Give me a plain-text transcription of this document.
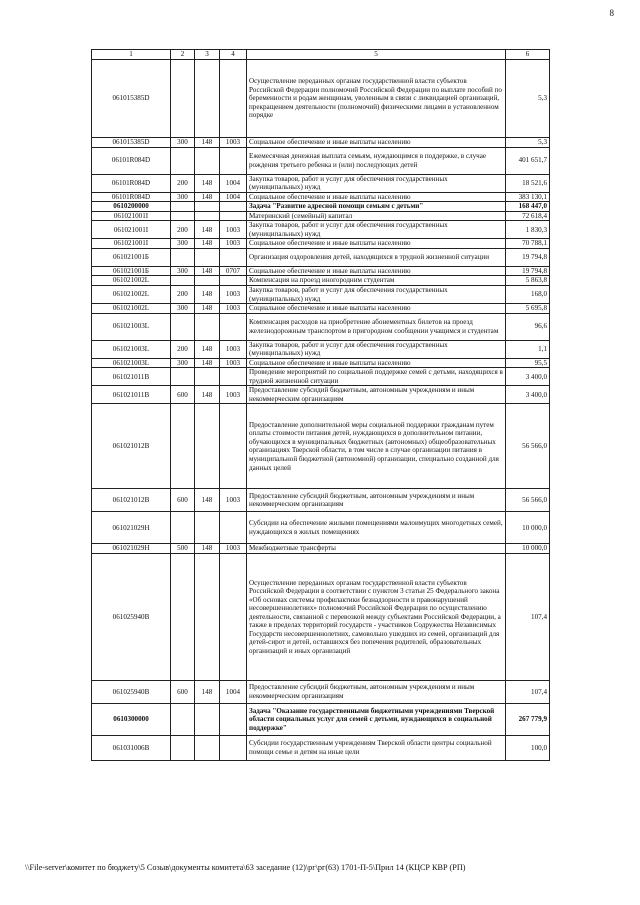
8
1	2	3	4	5	6
061015385D				Осуществление переданных органам государственной власти субъектов Российской Федерации полномочий Российской Федерации по выплате пособий по беременности и родам женщинам, уволенным в связи с ликвидацией организаций, прекращением деятельности (полномочий) физическими лицами в установленном порядке	5,3
061015385D	300	148	1003	Социальное обеспечение и иные выплаты населению	5,3
06101R084D				Ежемесячная денежная выплата семьям, нуждающимся в поддержке, в случае рождения третьего ребенка и (или) последующих детей	401 651,7
06101R084D	200	148	1004	Закупка товаров, работ и услуг для обеспечения государственных (муниципальных) нужд	18 521,6
06101R084D	300	148	1004	Социальное обеспечение и иные выплаты населению	383 130,1
0610200000				Задача "Развитие адресной помощи семьям с детьми"	168 447,0
061021001I				Материнский (семейный) капитал	72 618,4
061021001I	200	148	1003	Закупка товаров, работ и услуг для обеспечения государственных (муниципальных) нужд	1 830,3
061021001I	300	148	1003	Социальное обеспечение и иные выплаты населению	70 788,1
061021001Б				Организация оздоровления детей, находящихся в трудной жизненной ситуации	19 794,8
061021001Б	300	148	0707	Социальное обеспечение и иные выплаты населению	19 794,8
061021002L				Компенсация на проезд иногородним студентам	5 863,8
061021002L	200	148	1003	Закупка товаров, работ и услуг для обеспечения государственных (муниципальных) нужд	168,0
061021002L	300	148	1003	Социальное обеспечение и иные выплаты населению	5 695,8
061021003L				Компенсация расходов на приобретение абонементных билетов на проезд железнодорожным транспортом в пригородном сообщении учащимся и студентам	96,6
061021003L	200	148	1003	Закупка товаров, работ и услуг для обеспечения государственных (муниципальных) нужд	1,1
061021003L	300	148	1003	Социальное обеспечение и иные выплаты населению	95,5
061021011B				Проведение мероприятий по социальной поддержке семей с детьми, находящихся в трудной жизненной ситуации	3 400,0
061021011B	600	148	1003	Предоставление субсидий бюджетным, автономным учреждениям и иным некоммерческим организациям	3 400,0
061021012B				Предоставление дополнительной меры социальной поддержки гражданам путем оплаты стоимости питания детей, нуждающихся в дополнительном питании, обучающихся в муниципальных бюджетных (автономных) общеобразовательных организациях Тверской области, в том числе в случае организации питания в муниципальной бюджетной (автономной) организации, специально созданной для данных целей	56 566,0
061021012B	600	148	1003	Предоставление субсидий бюджетным, автономным учреждениям и иным некоммерческим организациям	56 566,0
061021029H				Субсидии на обеспечение жилыми помещениями малоимущих многодетных семей, нуждающихся в жилых помещениях	10 000,0
061021029H	500	148	1003	Межбюджетные трансферты	10 000,0
061025940B				Осуществление переданных органам государственной власти субъектов Российской Федерации в соответствии с пунктом 3 статьи 25 Федерального закона «Об основах системы профилактики безнадзорности и правонарушений несовершеннолетних» полномочий Российской Федерации по осуществлению деятельности, связанной с перевозкой между субъектами Российской Федерации, а также в пределах территорий государств - участников Содружества Независимых Государств несовершеннолетних, самовольно ушедших из семей, организаций для детей-сирот и детей, оставшихся без попечения родителей, образовательных организаций и иных организаций	107,4
061025940B	600	148	1004	Предоставление субсидий бюджетным, автономным учреждениям и иным некоммерческим организациям	107,4
0610300000				Задача "Оказание государственными бюджетными учреждениями Тверской области социальных услуг для семей с детьми, нуждающихся в социальной поддержке"	267 779,9
061031006B				Субсидии государственным учреждениям Тверской области центры социальной помощи семье и детям на иные цели	100,0
\\File-server\комитет по бюджету\5 Созыв\документы комитета\63 заседание (12)\рг\рг(63) 1701-П-5\Прил 14 (КЦСР КВР (РП)
